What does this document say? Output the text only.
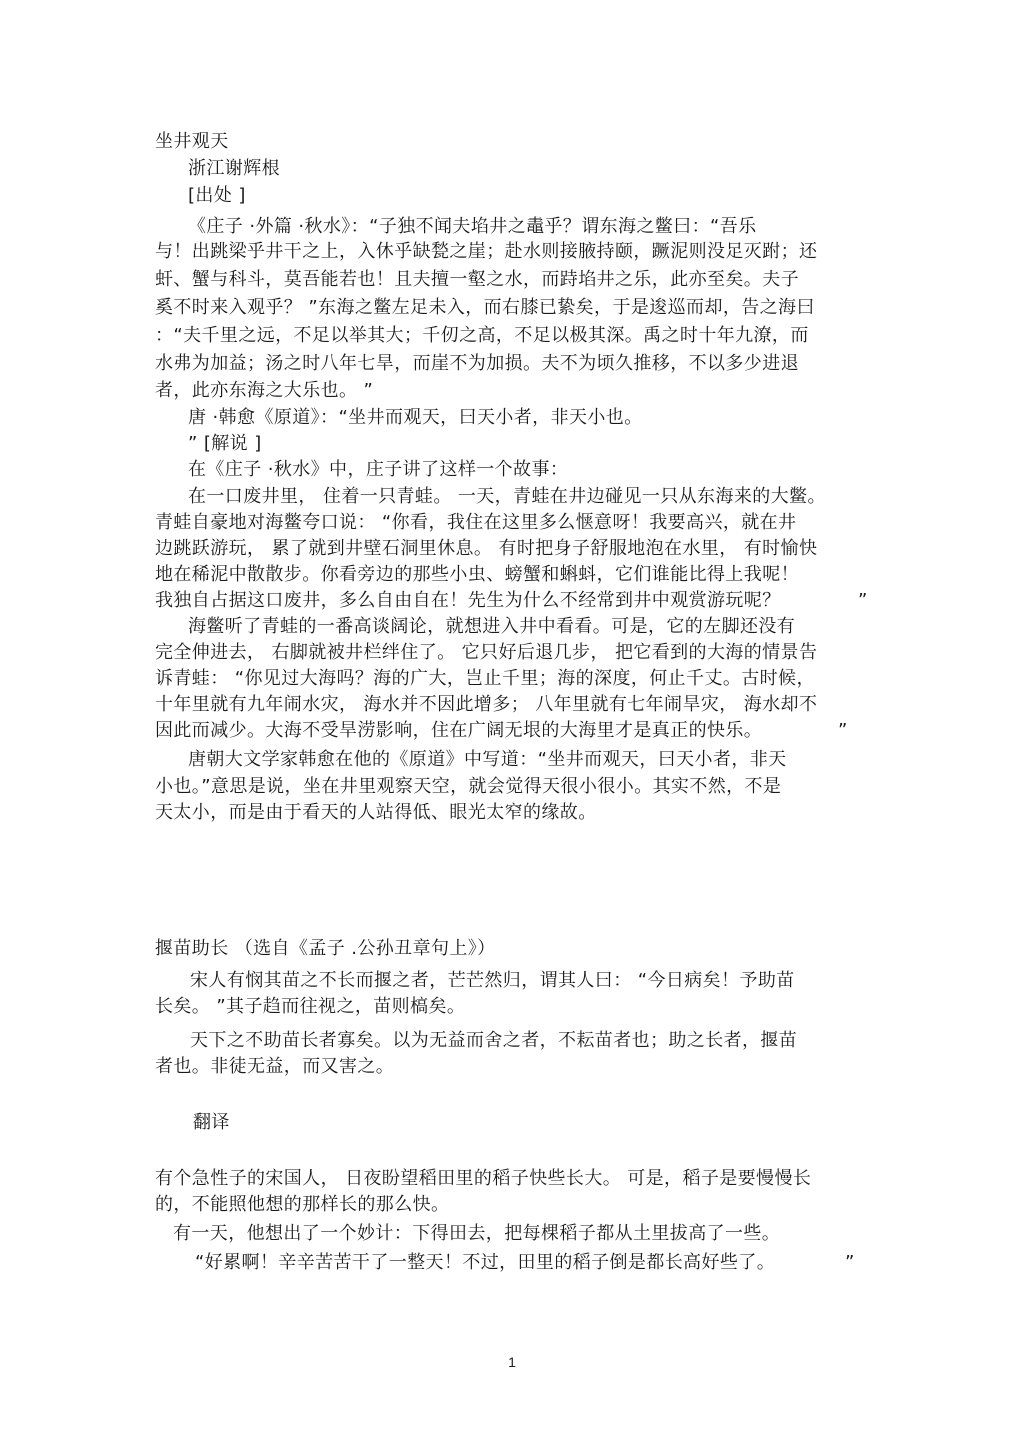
坐井观天
浙江谢辉根
[出处 ]
《庄子 ·外篇 ·秋水》：“子独不闻夫埳井之鼃乎？谓东海之鳖曰：“吾乐
与！出跳梁乎井干之上，入休乎缺甃之崖；赴水则接腋持颐，蹶泥则没足灭跗；还
虷、蟹与科斗，莫吾能若也！且夫擅一壑之水，而跱埳井之乐，此亦至矣。夫子
奚不时来入观乎？ ”东海之鳖左足未入，而右膝已絷矣，于是逡巡而却，告之海曰
：“夫千里之远，不足以举其大；千仞之高，不足以极其深。禹之时十年九潦，而
水弗为加益；汤之时八年七旱，而崖不为加损。夫不为顷久推移，不以多少进退
者，此亦东海之大乐也。 ”
唐 ·韩愈《原道》：“坐井而观天，曰天小者，非天小也。
” [解说 ]
在《庄子 ·秋水》中，庄子讲了这样一个故事：
在一口废井里， 住着一只青蛙。 一天，青蛙在井边碰见一只从东海来的大鳖。
青蛙自豪地对海鳖夸口说： “你看，我住在这里多么惬意呀！我要高兴，就在井
边跳跃游玩， 累了就到井壁石洞里休息。 有时把身子舒服地泡在水里， 有时愉快
地在稀泥中散散步。你看旁边的那些小虫、螃蟹和蝌蚪，它们谁能比得上我呢！
我独自占据这口废井，多么自由自在！先生为什么不经常到井中观赏游玩呢？	”
海鳖听了青蛙的一番高谈阔论，就想进入井中看看。可是，它的左脚还没有
完全伸进去， 右脚就被井栏绊住了。 它只好后退几步， 把它看到的大海的情景告
诉青蛙： “你见过大海吗？海的广大，岂止千里；海的深度，何止千丈。古时候，
十年里就有九年闹水灾， 海水并不因此增多； 八年里就有七年闹旱灾， 海水却不
因此而减少。大海不受旱涝影响，住在广阔无垠的大海里才是真正的快乐。	”
唐朝大文学家韩愈在他的《原道》中写道：“坐井而观天，曰天小者，非天
小也。”意思是说，坐在井里观察天空，就会觉得天很小很小。其实不然，不是
天太小，而是由于看天的人站得低、眼光太窄的缘故。
揠苗助长 （选自《孟子 .公孙丑章句上》）
宋人有悯其苗之不长而揠之者，芒芒然归，谓其人曰： “今日病矣！予助苗
长矣。 ”其子趋而往视之，苗则槁矣。
天下之不助苗长者寡矣。以为无益而舍之者，不耘苗者也；助之长者，揠苗
者也。非徒无益，而又害之。
翻译
有个急性子的宋国人， 日夜盼望稻田里的稻子快些长大。 可是，稻子是要慢慢长
的，不能照他想的那样长的那么快。
有一天，他想出了一个妙计：下得田去，把每棵稻子都从土里拔高了一些。
“好累啊！辛辛苦苦干了一整天！不过，田里的稻子倒是都长高好些了。	”
1
